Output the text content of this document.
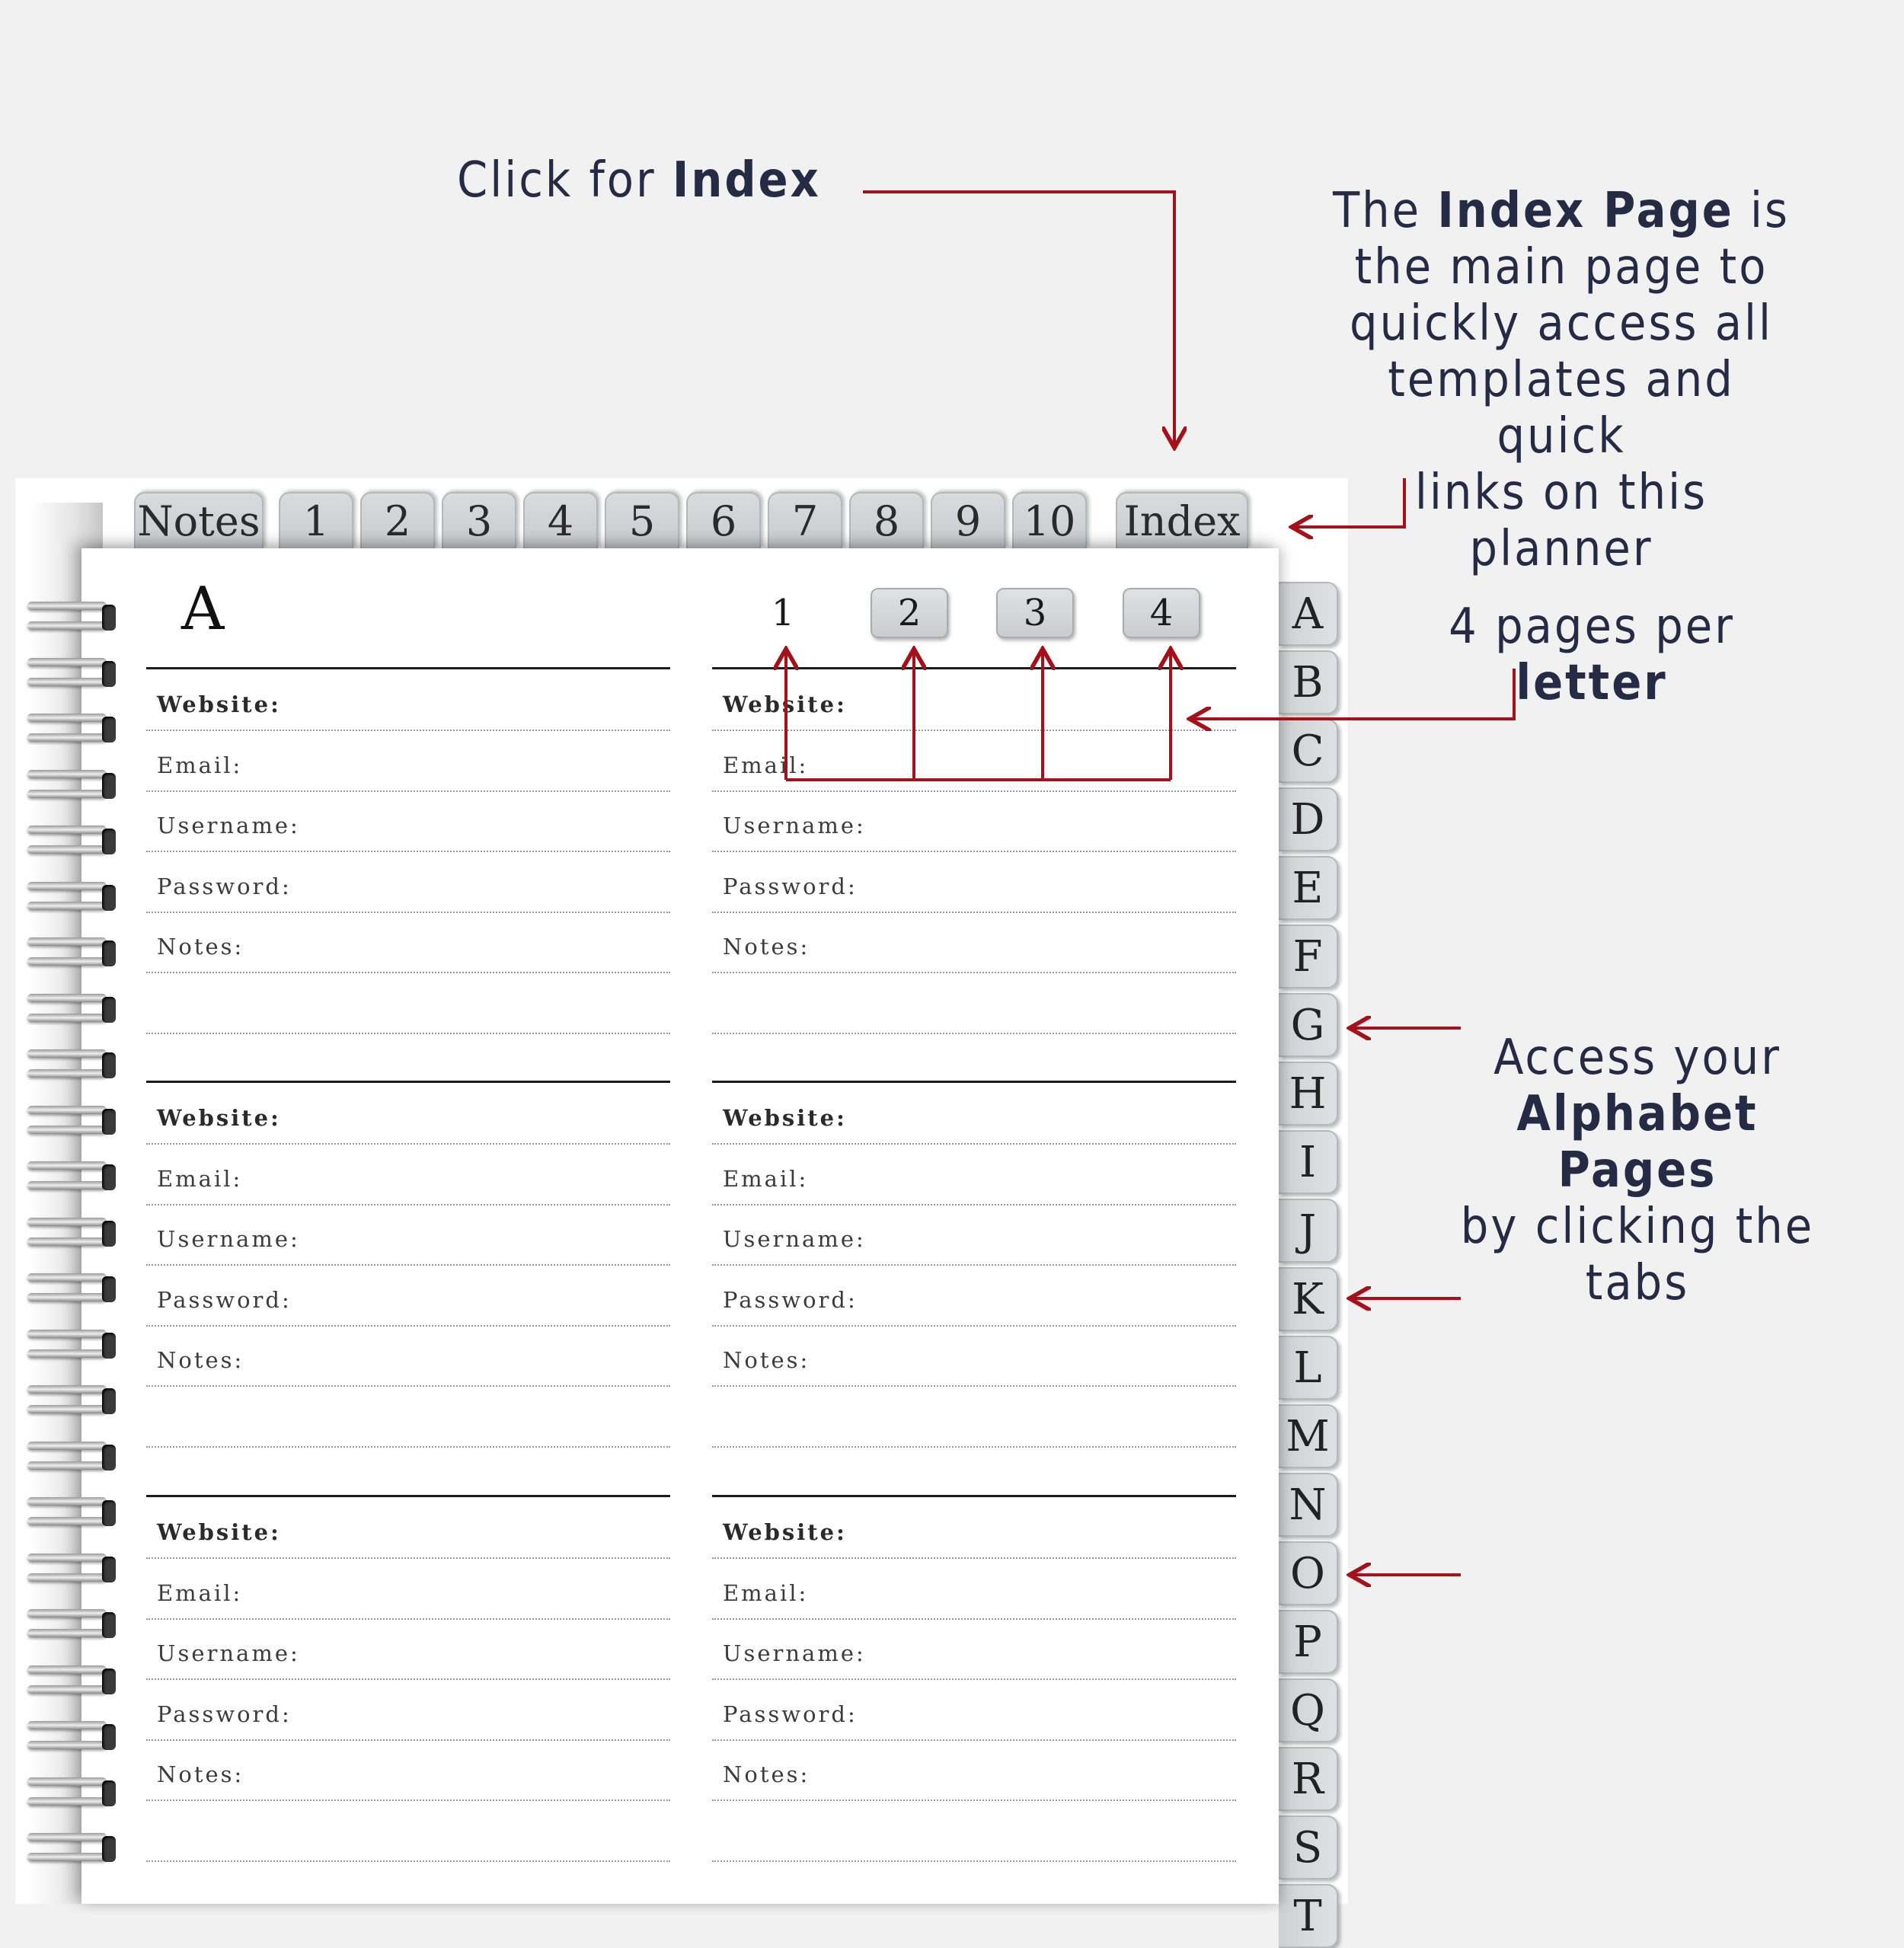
Click for Index
The Index Page is
the main page to
quickly access all
templates and quick
links on this planner
4 pages per letter
Access your
Alphabet Pages
by clicking the
tabs
Notes	1	2	3	4	5	6	7	8	9	10 Index
A
B
C
D
E
F
G
H
I
J
K
L
M
N
O
P
Q
R
S
T
A	1	2	3	4
Website:
Email:
Username:
Password:
Notes:
Website:
Email:
Username:
Password:
Notes:
Website:
Email:
Username:
Password:
Notes:
Website:
Email:
Username:
Password:
Notes:
Website:
Email:
Username:
Password:
Notes:
Website:
Email:
Username:
Password:
Notes:
